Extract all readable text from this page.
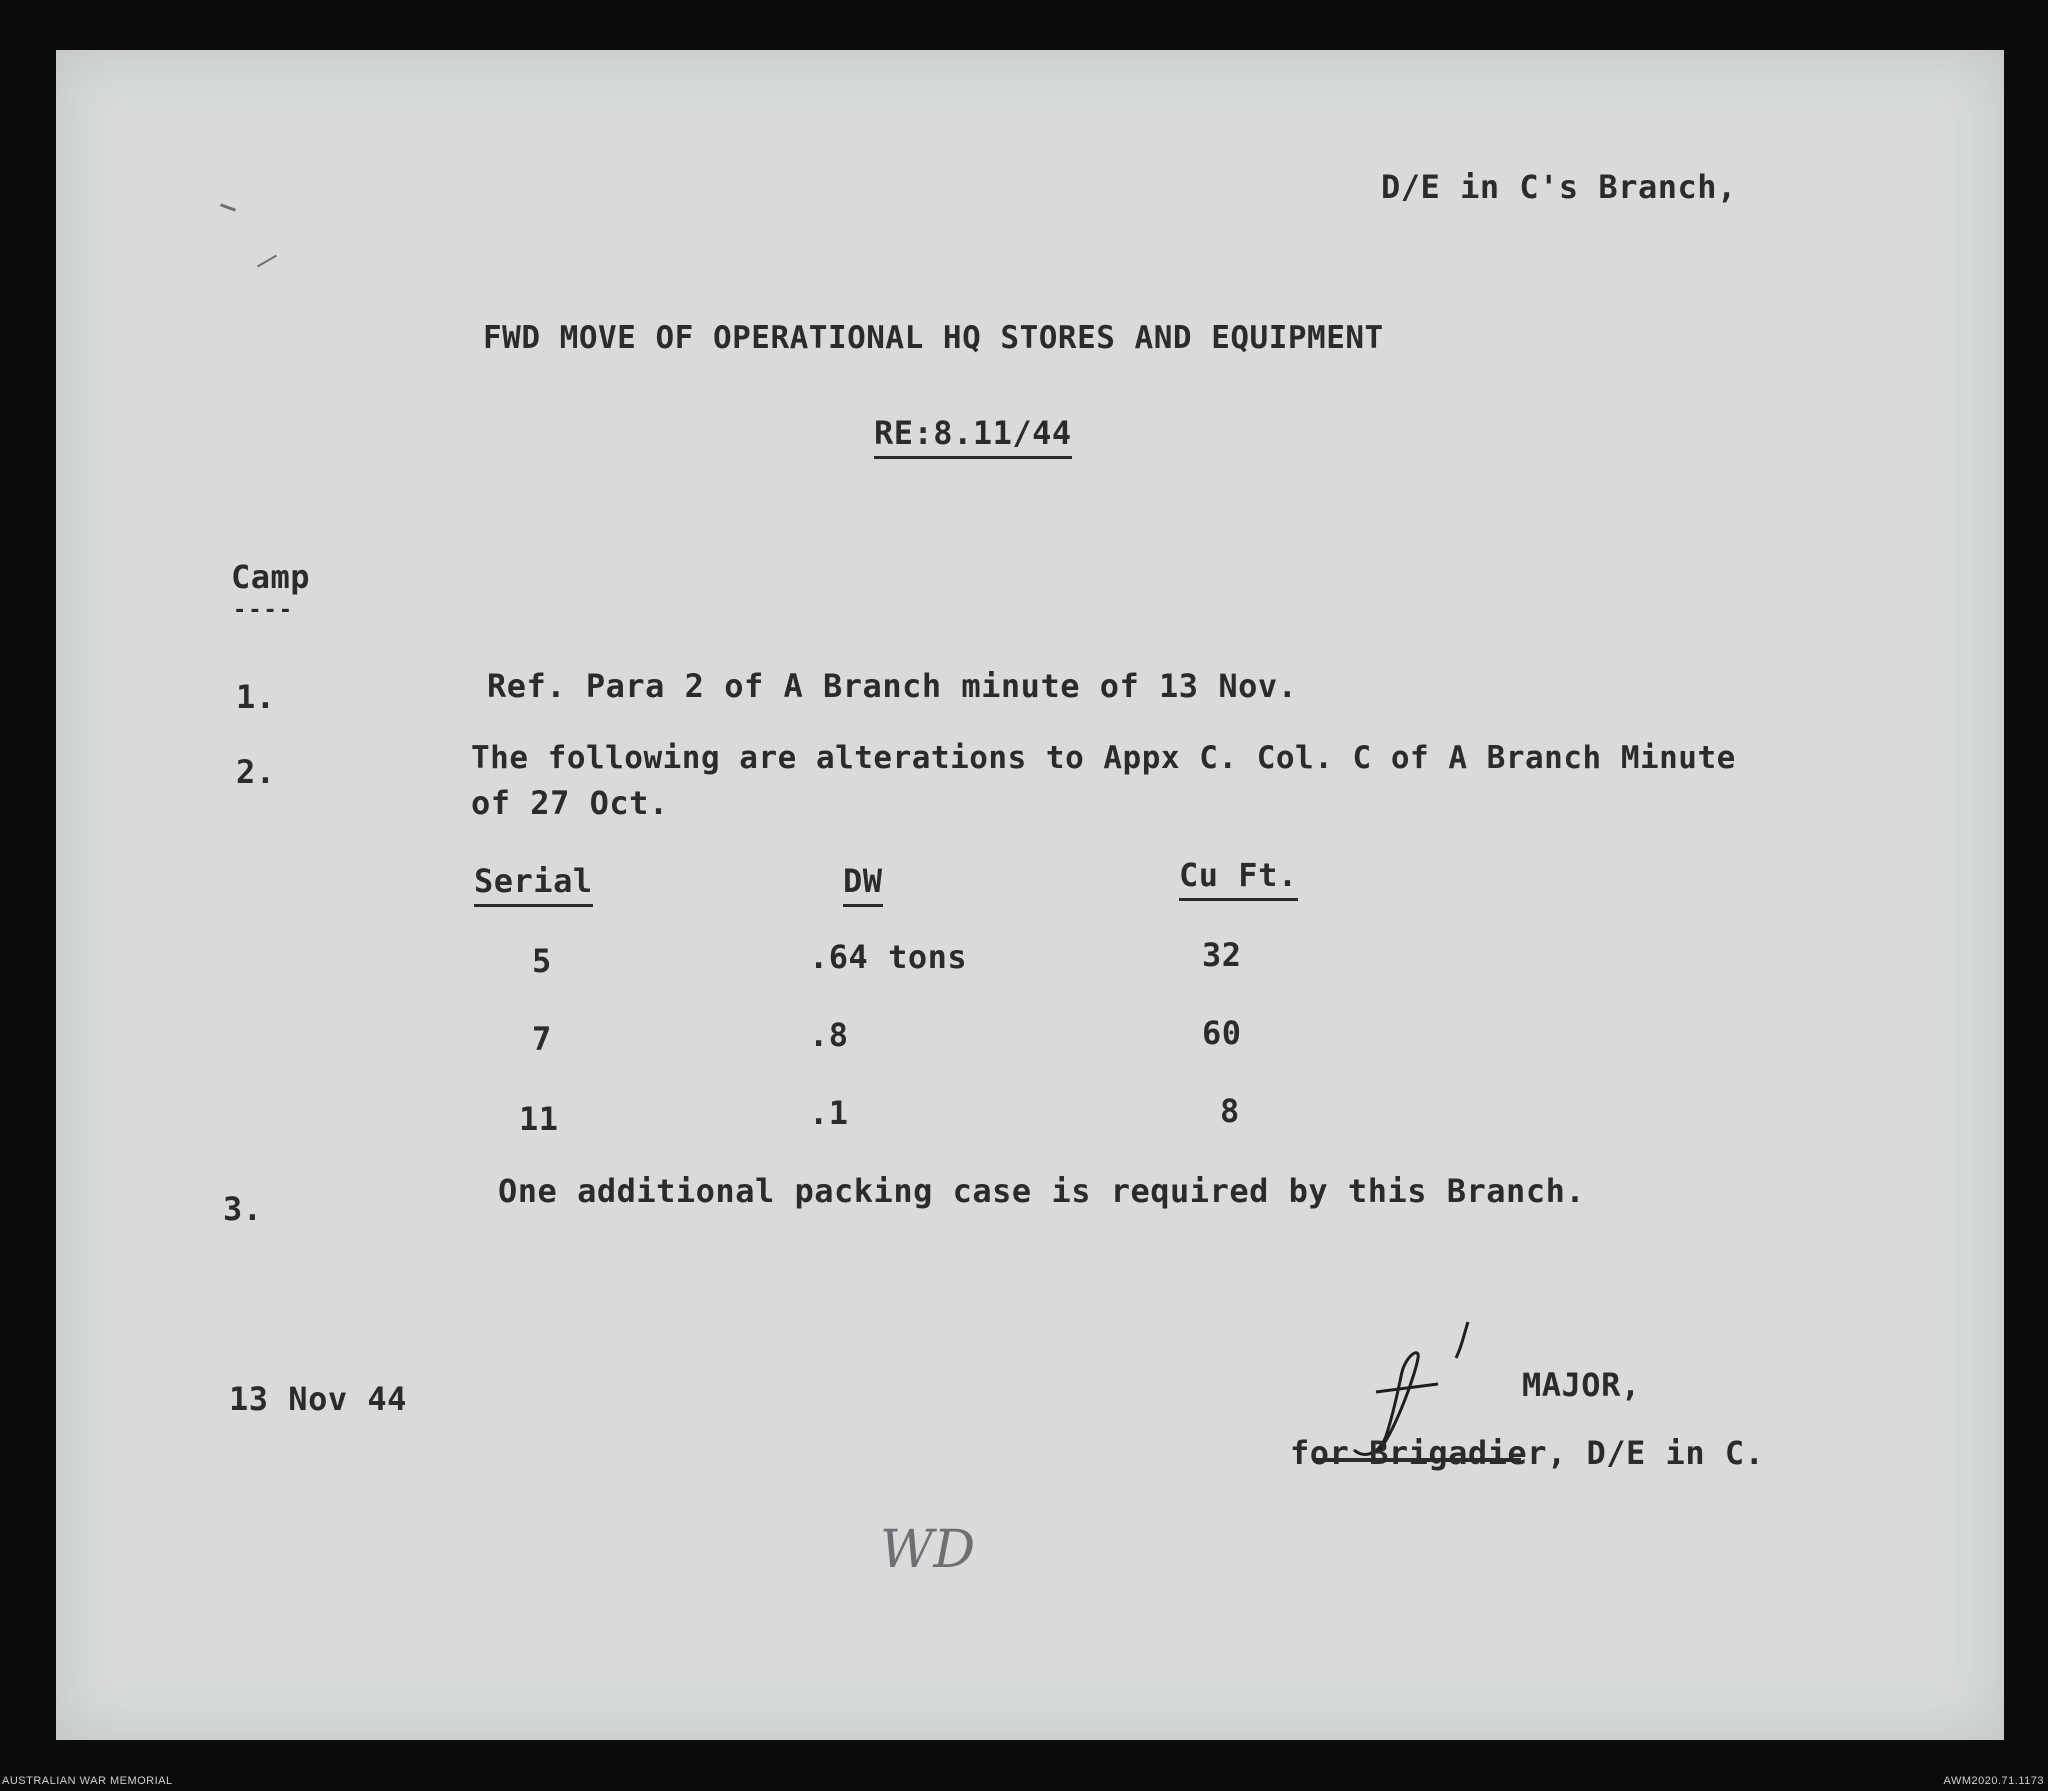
D/E in C's Branch,
FWD MOVE OF OPERATIONAL HQ STORES AND EQUIPMENT
RE:8.11/44
Camp
----
1.	Ref. Para 2 of A Branch minute of 13 Nov.
2.	The following are alterations to Appx C. Col. C of A Branch Minute
of 27 Oct.
Serial	DW	Cu Ft.
5	.64 tons	32
7	.8	60
11	.1	8
3.	One additional packing case is required by this Branch.
13 Nov 44	MAJOR,
for Brigadier, D/E in C.
WD
AUSTRALIAN WAR MEMORIAL	AWM2020.71.1173
